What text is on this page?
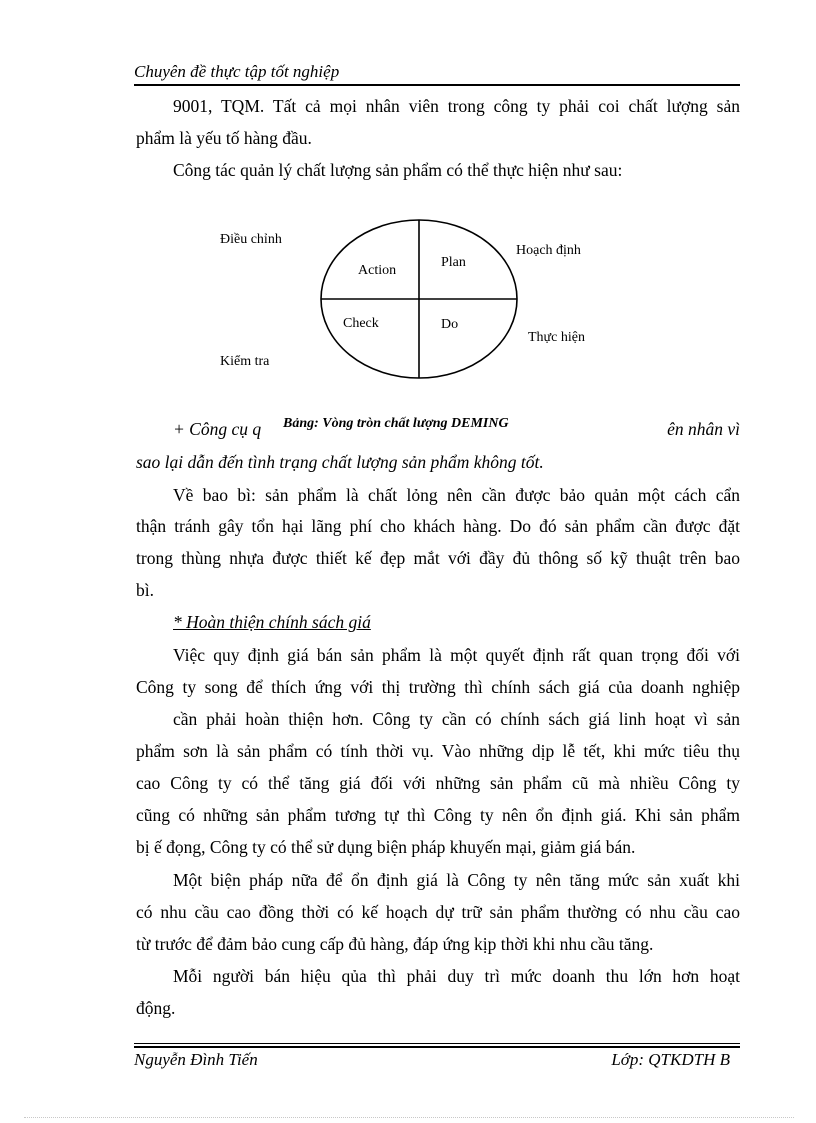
Chuyên đề thực tập tốt nghiệp
9001, TQM. Tất cả mọi nhân viên trong công ty phải coi chất lượng sản
phẩm là yếu tố hàng đầu.
Công tác quản lý chất lượng sản phẩm có thể thực hiện như sau:
Điều chỉnh
Hoạch định
Thực hiện
Kiểm tra
Action
Plan
Check	Do
+ Công cụ q Bảng: Vòng tròn chất lượng DEMING	ên nhân vì
sao lại dẫn đến tình trạng chất lượng sản phẩm không tốt.
Về bao bì: sản phẩm là chất lỏng nên cần được bảo quản một cách cẩn
thận tránh gây tổn hại lãng phí cho khách hàng. Do đó sản phẩm cần được đặt
trong thùng nhựa được thiết kế đẹp mắt với đầy đủ thông số kỹ thuật trên bao
bì.
* Hoàn thiện chính sách giá
Việc quy định giá bán sản phẩm là một quyết định rất quan trọng đối với
Công ty song để thích ứng với thị trường thì chính sách giá của doanh nghiệp
cần phải hoàn thiện hơn. Công ty cần có chính sách giá linh hoạt vì sản
phẩm sơn là sản phẩm có tính thời vụ. Vào những dịp lễ tết, khi mức tiêu thụ
cao Công ty có thể tăng giá đối với những sản phẩm cũ mà nhiều Công ty
cũng có những sản phẩm tương tự thì Công ty nên ổn định giá. Khi sản phẩm
bị ế đọng, Công ty có thể sử dụng biện pháp khuyến mại, giảm giá bán.
Một biện pháp nữa để ổn định giá là Công ty nên tăng mức sản xuất khi
có nhu cầu cao đồng thời có kế hoạch dự trữ sản phẩm thường có nhu cầu cao
từ trước để đảm bảo cung cấp đủ hàng, đáp ứng kịp thời khi nhu cầu tăng.
Mỗi người bán hiệu qủa thì phải duy trì mức doanh thu lớn hơn hoạt
động.
Nguyễn Đình Tiến	Lớp: QTKDTH B
